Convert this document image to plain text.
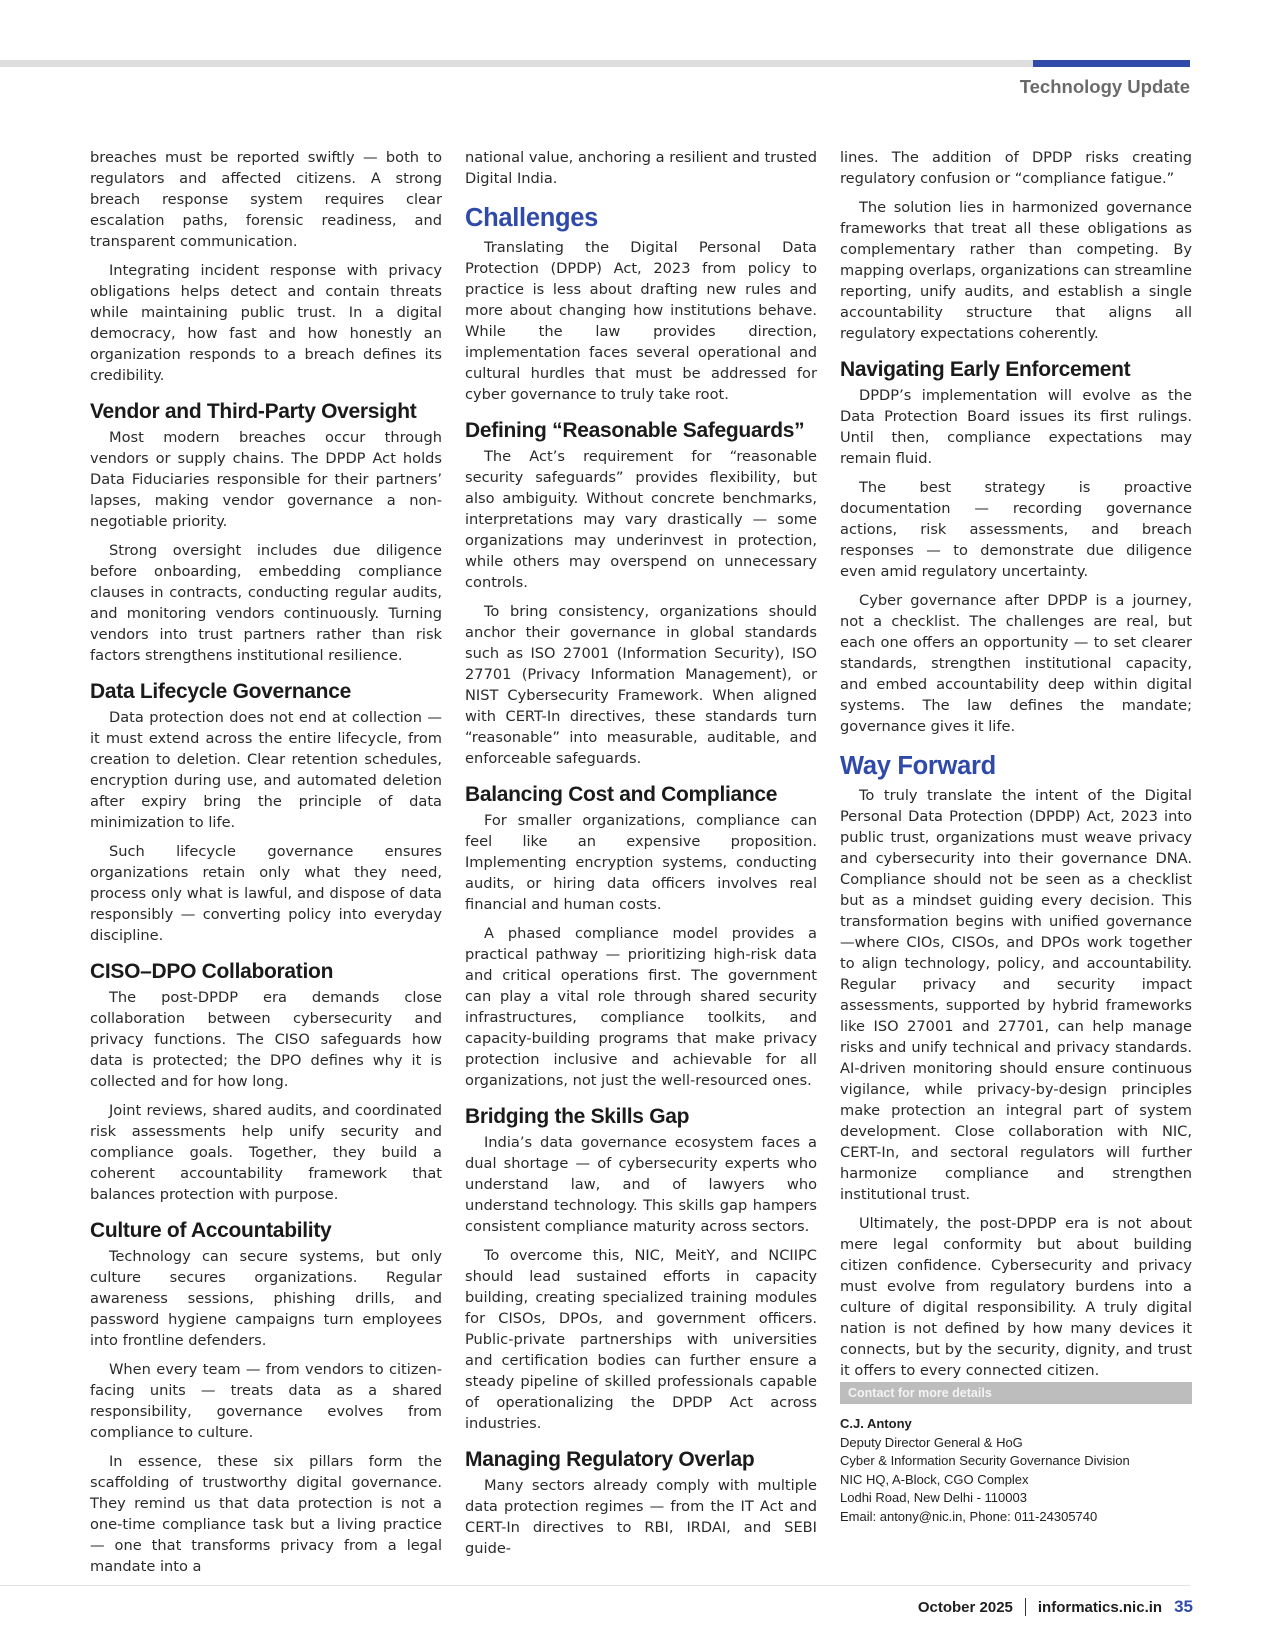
Technology Update

breaches must be reported swiftly — both to regulators and affected citizens. A strong breach response system requires clear escalation paths, forensic readiness, and transparent communication.

Integrating incident response with privacy obligations helps detect and contain threats while maintaining public trust. In a digital democracy, how fast and how honestly an organization responds to a breach defines its credibility.

Vendor and Third-Party Oversight

Most modern breaches occur through vendors or supply chains. The DPDP Act holds Data Fiduciaries responsible for their partners’ lapses, making vendor governance a non-negotiable priority.

Strong oversight includes due diligence before onboarding, embedding compliance clauses in contracts, conducting regular audits, and monitoring vendors continuously. Turning vendors into trust partners rather than risk factors strengthens institutional resilience.

Data Lifecycle Governance

Data protection does not end at collection — it must extend across the entire lifecycle, from creation to deletion. Clear retention schedules, encryption during use, and automated deletion after expiry bring the principle of data minimization to life.

Such lifecycle governance ensures organizations retain only what they need, process only what is lawful, and dispose of data responsibly — converting policy into everyday discipline.

CISO–DPO Collaboration

The post-DPDP era demands close collaboration between cybersecurity and privacy functions. The CISO safeguards how data is protected; the DPO defines why it is collected and for how long.

Joint reviews, shared audits, and coordinated risk assessments help unify security and compliance goals. Together, they build a coherent accountability framework that balances protection with purpose.

Culture of Accountability

Technology can secure systems, but only culture secures organizations. Regular awareness sessions, phishing drills, and password hygiene campaigns turn employees into frontline defenders.

When every team — from vendors to citizen-facing units — treats data as a shared responsibility, governance evolves from compliance to culture.

In essence, these six pillars form the scaffolding of trustworthy digital governance. They remind us that data protection is not a one-time compliance task but a living practice — one that transforms privacy from a legal mandate into a

national value, anchoring a resilient and trusted Digital India.

Challenges

Translating the Digital Personal Data Protection (DPDP) Act, 2023 from policy to practice is less about drafting new rules and more about changing how institutions behave. While the law provides direction, implementation faces several operational and cultural hurdles that must be addressed for cyber governance to truly take root.

Defining “Reasonable Safeguards”

The Act’s requirement for “reasonable security safeguards” provides flexibility, but also ambiguity. Without concrete benchmarks, interpretations may vary drastically — some organizations may underinvest in protection, while others may overspend on unnecessary controls.

To bring consistency, organizations should anchor their governance in global standards such as ISO 27001 (Information Security), ISO 27701 (Privacy Information Management), or NIST Cybersecurity Framework. When aligned with CERT-In directives, these standards turn “reasonable” into measurable, auditable, and enforceable safeguards.

Balancing Cost and Compliance

For smaller organizations, compliance can feel like an expensive proposition. Implementing encryption systems, conducting audits, or hiring data officers involves real financial and human costs.

A phased compliance model provides a practical pathway — prioritizing high-risk data and critical operations first. The government can play a vital role through shared security infrastructures, compliance toolkits, and capacity-building programs that make privacy protection inclusive and achievable for all organizations, not just the well-resourced ones.

Bridging the Skills Gap

India’s data governance ecosystem faces a dual shortage — of cybersecurity experts who understand law, and of lawyers who understand technology. This skills gap hampers consistent compliance maturity across sectors.

To overcome this, NIC, MeitY, and NCIIPC should lead sustained efforts in capacity building, creating specialized training modules for CISOs, DPOs, and government officers. Public-private partnerships with universities and certification bodies can further ensure a steady pipeline of skilled professionals capable of operationalizing the DPDP Act across industries.

Managing Regulatory Overlap

Many sectors already comply with multiple data protection regimes — from the IT Act and CERT-In directives to RBI, IRDAI, and SEBI guide-

lines. The addition of DPDP risks creating regulatory confusion or “compliance fatigue.”

The solution lies in harmonized governance frameworks that treat all these obligations as complementary rather than competing. By mapping overlaps, organizations can streamline reporting, unify audits, and establish a single accountability structure that aligns all regulatory expectations coherently.

Navigating Early Enforcement

DPDP’s implementation will evolve as the Data Protection Board issues its first rulings. Until then, compliance expectations may remain fluid.

The best strategy is proactive documentation — recording governance actions, risk assessments, and breach responses — to demonstrate due diligence even amid regulatory uncertainty.

Cyber governance after DPDP is a journey, not a checklist. The challenges are real, but each one offers an opportunity — to set clearer standards, strengthen institutional capacity, and embed accountability deep within digital systems. The law defines the mandate; governance gives it life.

Way Forward

To truly translate the intent of the Digital Personal Data Protection (DPDP) Act, 2023 into public trust, organizations must weave privacy and cybersecurity into their governance DNA. Compliance should not be seen as a checklist but as a mindset guiding every decision. This transformation begins with unified governance—where CIOs, CISOs, and DPOs work together to align technology, policy, and accountability. Regular privacy and security impact assessments, supported by hybrid frameworks like ISO 27001 and 27701, can help manage risks and unify technical and privacy standards. AI-driven monitoring should ensure continuous vigilance, while privacy-by-design principles make protection an integral part of system development. Close collaboration with NIC, CERT-In, and sectoral regulators will further harmonize compliance and strengthen institutional trust.

Ultimately, the post-DPDP era is not about mere legal conformity but about building citizen confidence. Cybersecurity and privacy must evolve from regulatory burdens into a culture of digital responsibility. A truly digital nation is not defined by how many devices it connects, but by the security, dignity, and trust it offers to every connected citizen.

Contact for more details
C.J. Antony
Deputy Director General & HoG
Cyber & Information Security Governance Division
NIC HQ, A-Block, CGO Complex
Lodhi Road, New Delhi - 110003
Email: antony@nic.in, Phone: 011-24305740
October 2025 informatics.nic.in 35
